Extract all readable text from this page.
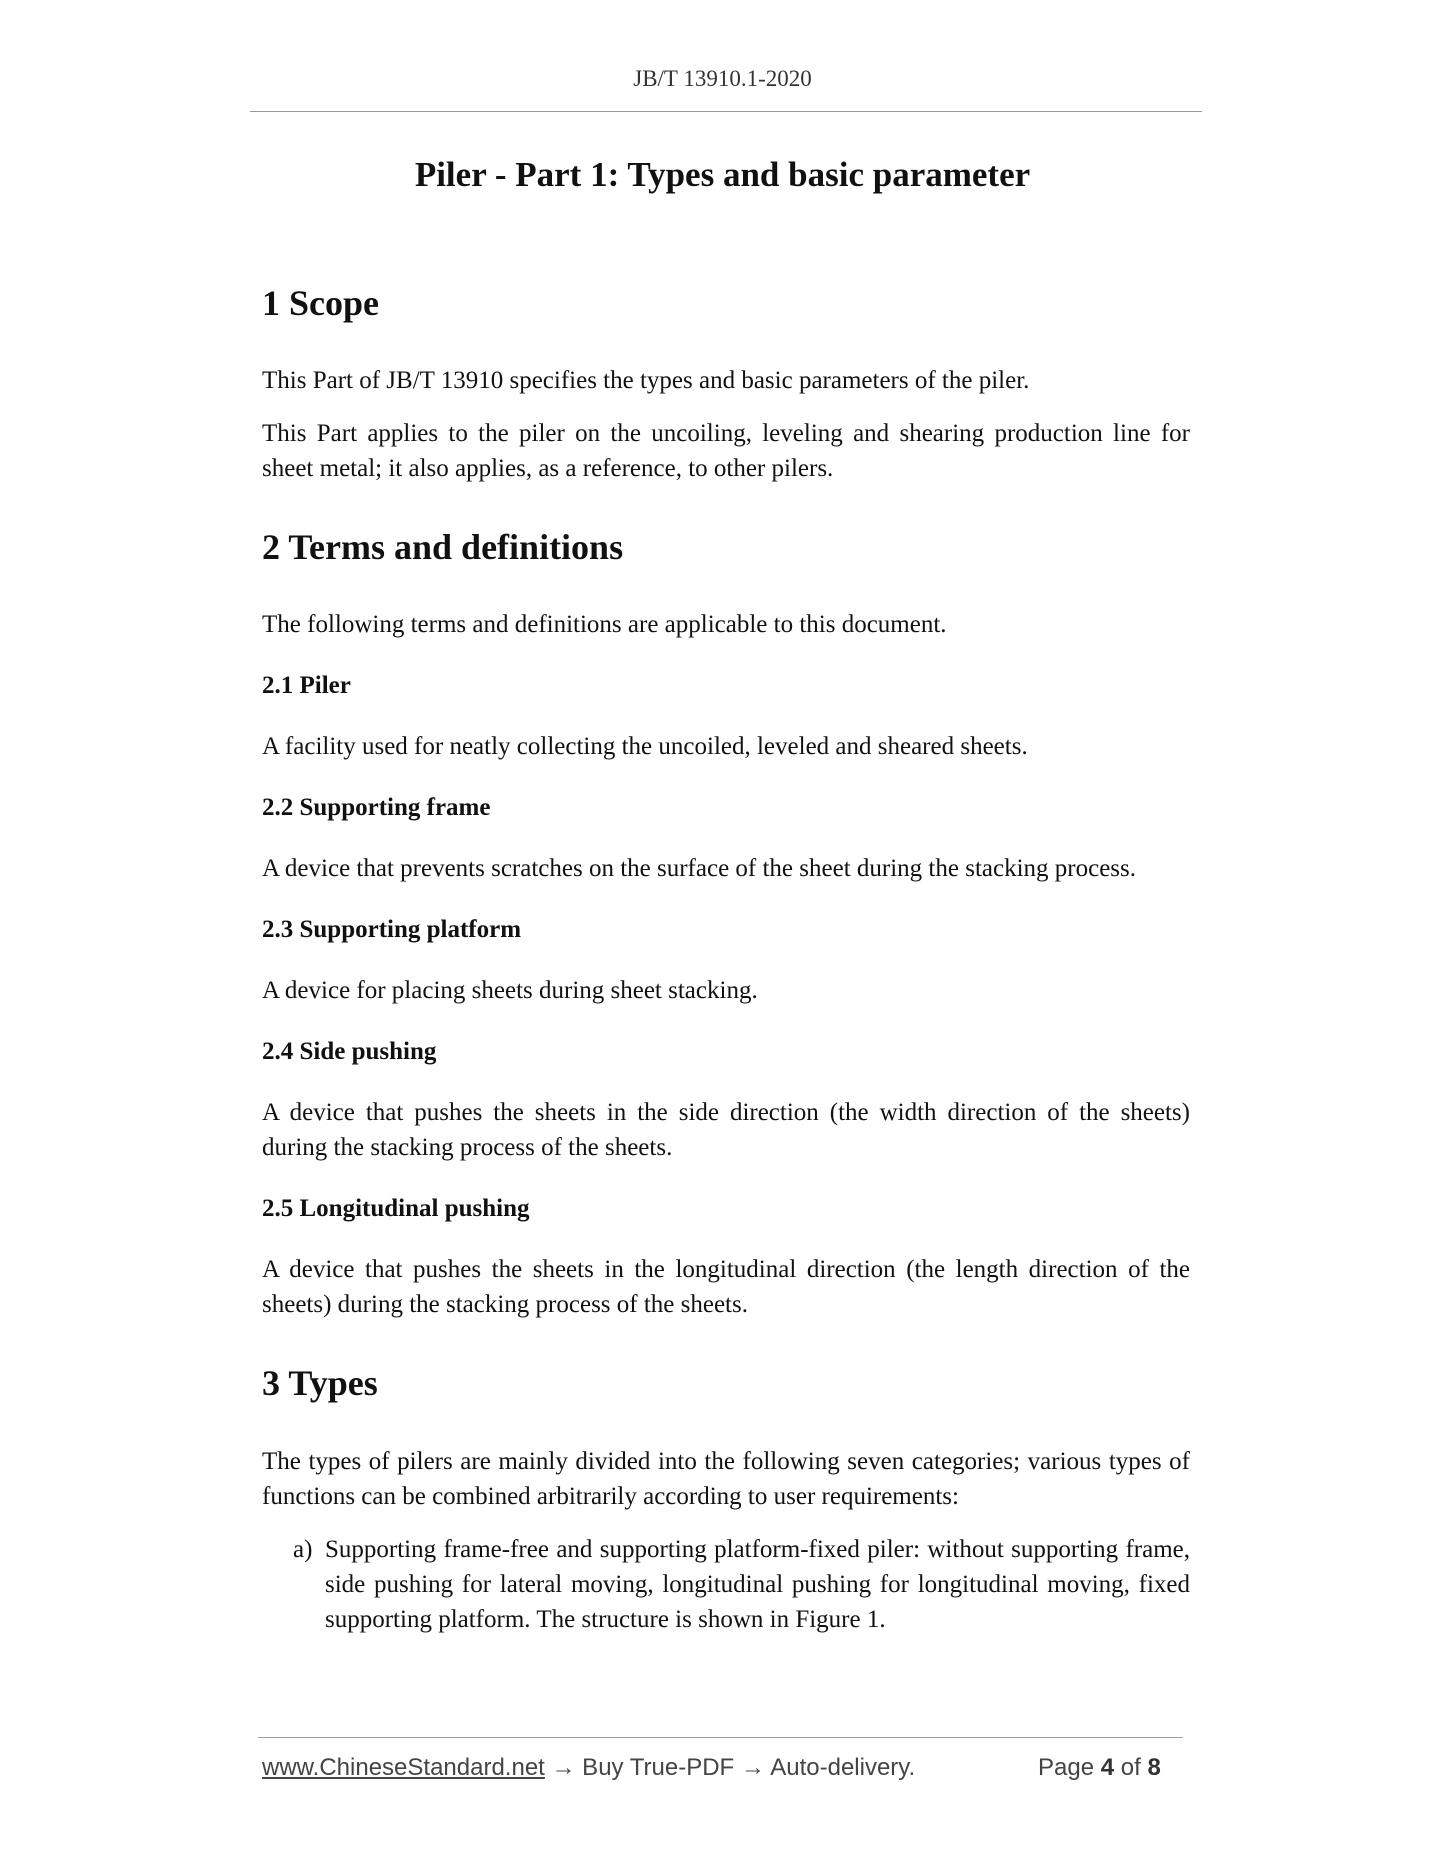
JB/T 13910.1-2020
Piler - Part 1: Types and basic parameter
1 Scope

This Part of JB/T 13910 specifies the types and basic parameters of the piler.

This Part applies to the piler on the uncoiling, leveling and shearing production line for sheet metal; it also applies, as a reference, to other pilers.

2 Terms and definitions

The following terms and definitions are applicable to this document.

2.1 Piler

A facility used for neatly collecting the uncoiled, leveled and sheared sheets.

2.2 Supporting frame

A device that prevents scratches on the surface of the sheet during the stacking process.

2.3 Supporting platform

A device for placing sheets during sheet stacking.

2.4 Side pushing

A device that pushes the sheets in the side direction (the width direction of the sheets) during the stacking process of the sheets.

2.5 Longitudinal pushing

A device that pushes the sheets in the longitudinal direction (the length direction of the sheets) during the stacking process of the sheets.

3 Types

The types of pilers are mainly divided into the following seven categories; various types of functions can be combined arbitrarily according to user requirements:

a) Supporting frame-free and supporting platform-fixed piler: without supporting frame, side pushing for lateral moving, longitudinal pushing for longitudinal moving, fixed supporting platform. The structure is shown in Figure 1.

www.ChineseStandard.net → Buy True-PDF → Auto-delivery.	Page 4 of 8
